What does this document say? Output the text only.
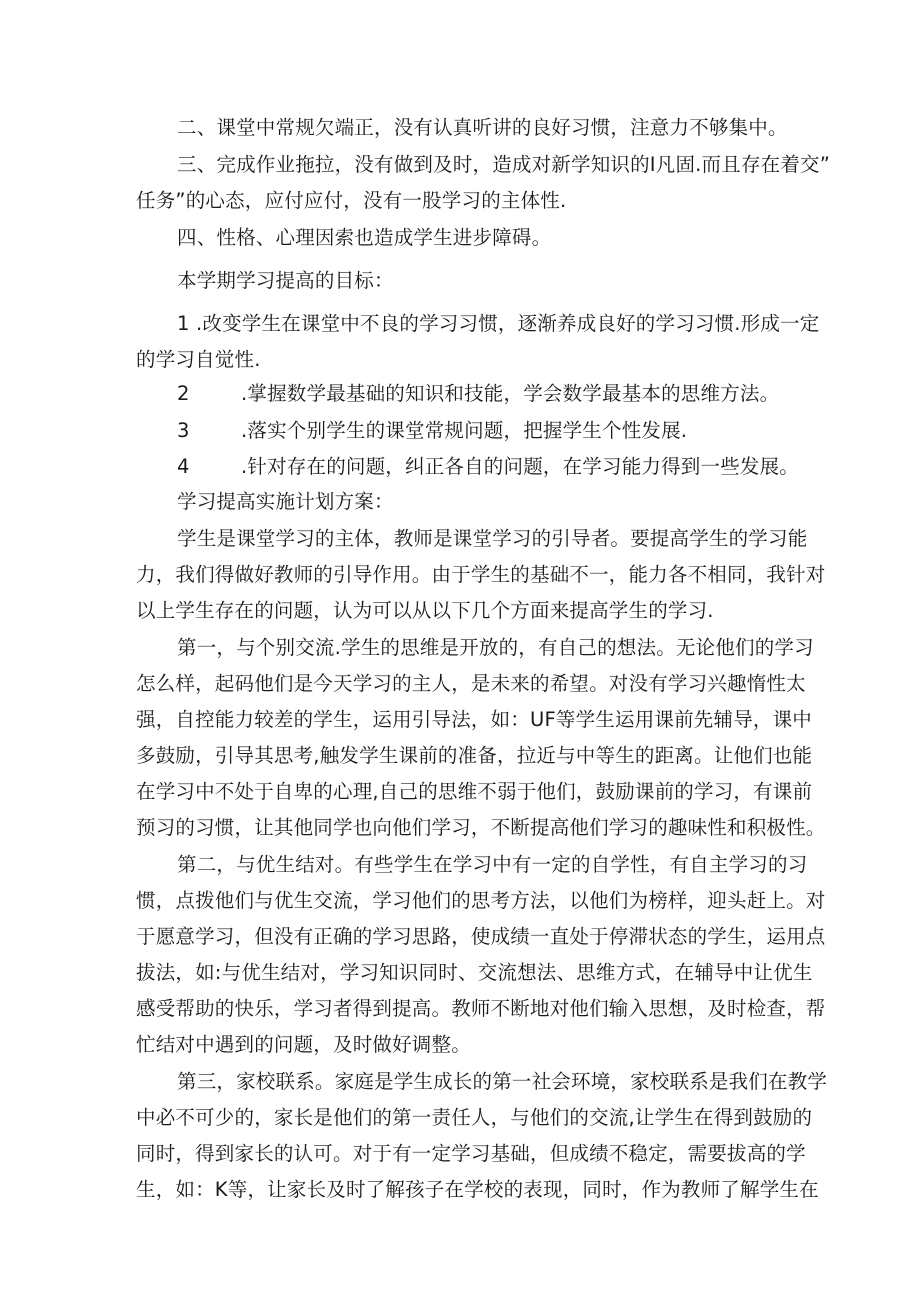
二、课堂中常规欠端正，没有认真听讲的良好习惯，注意力不够集中。
三、完成作业拖拉，没有做到及时，造成对新学知识的I凡固.而且存在着交”
任务”的心态，应付应付，没有一股学习的主体性.
四、性格、心理因索也造成学生进步障碍。
本学期学习提高的目标：
1 .改变学生在课堂中不良的学习习惯，逐渐养成良好的学习习惯.形成一定
的学习自觉性.
2	.掌握数学最基础的知识和技能，学会数学最基本的思维方法。
3	.落实个别学生的课堂常规问题，把握学生个性发展.
4	.针对存在的问题，纠正各自的问题，在学习能力得到一些发展。
学习提高实施计划方案：
学生是课堂学习的主体，教师是课堂学习的引导者。要提高学生的学习能
力，我们得做好教师的引导作用。由于学生的基础不一，能力各不相同，我针对
以上学生存在的问题，认为可以从以下几个方面来提高学生的学习.
第一，与个别交流.学生的思维是开放的，有自己的想法。无论他们的学习
怎么样，起码他们是今天学习的主人，是未来的希望。对没有学习兴趣惰性太
强，自控能力较差的学生，运用引导法，如：UF等学生运用课前先辅导，课中
多鼓励，引导其思考,触发学生课前的准备，拉近与中等生的距离。让他们也能
在学习中不处于自卑的心理,自己的思维不弱于他们，鼓励课前的学习，有课前
预习的习惯，让其他同学也向他们学习，不断提高他们学习的趣味性和积极性。
第二，与优生结对。有些学生在学习中有一定的自学性，有自主学习的习
惯，点拨他们与优生交流，学习他们的思考方法，以他们为榜样，迎头赶上。对
于愿意学习，但没有正确的学习思路，使成绩一直处于停滞状态的学生，运用点
拔法，如:与优生结对，学习知识同时、交流想法、思维方式，在辅导中让优生
感受帮助的快乐，学习者得到提高。教师不断地对他们输入思想，及时检查，帮
忙结对中遇到的问题，及时做好调整。
第三，家校联系。家庭是学生成长的第一社会环境，家校联系是我们在教学
中必不可少的，家长是他们的第一责任人，与他们的交流,让学生在得到鼓励的
同时，得到家长的认可。对于有一定学习基础，但成绩不稳定，需要拔高的学
生，如：K等，让家长及时了解孩子在学校的表现，同时，作为教师了解学生在
